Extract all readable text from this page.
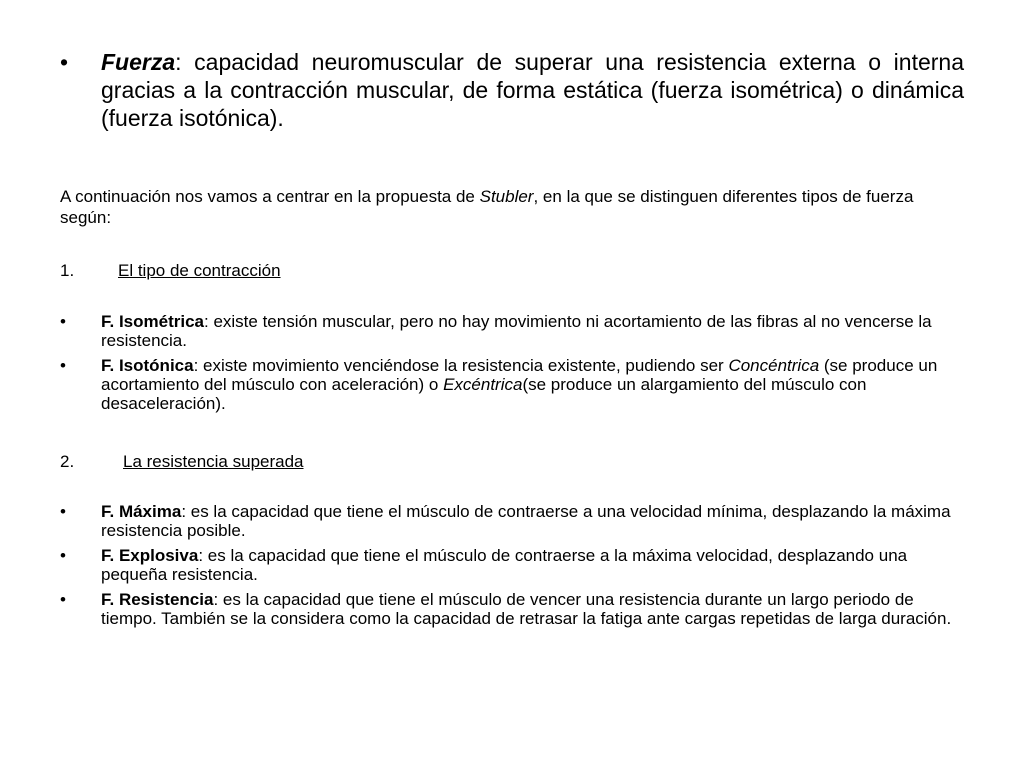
• Fuerza: capacidad neuromuscular de superar una resistencia externa o interna gracias a la contracción muscular, de forma estática (fuerza isométrica) o dinámica (fuerza isotónica).
A continuación nos vamos a centrar en la propuesta de Stubler, en la que se distinguen diferentes tipos de fuerza según:
1.	El tipo de contracción
• F. Isométrica: existe tensión muscular, pero no hay movimiento ni acortamiento de las fibras al no vencerse la resistencia.
• F. Isotónica: existe movimiento venciéndose la resistencia existente, pudiendo ser Concéntrica (se produce un acortamiento del músculo con aceleración) o Excéntrica(se produce un alargamiento del músculo con desaceleración).
2.	La resistencia superada
• F. Máxima: es la capacidad que tiene el músculo de contraerse a una velocidad mínima, desplazando la máxima resistencia posible.
• F. Explosiva: es la capacidad que tiene el músculo de contraerse a la máxima velocidad, desplazando una pequeña resistencia.
• F. Resistencia: es la capacidad que tiene el músculo de vencer una resistencia durante un largo periodo de tiempo. También se la considera como la capacidad de retrasar la fatiga ante cargas repetidas de larga duración.
